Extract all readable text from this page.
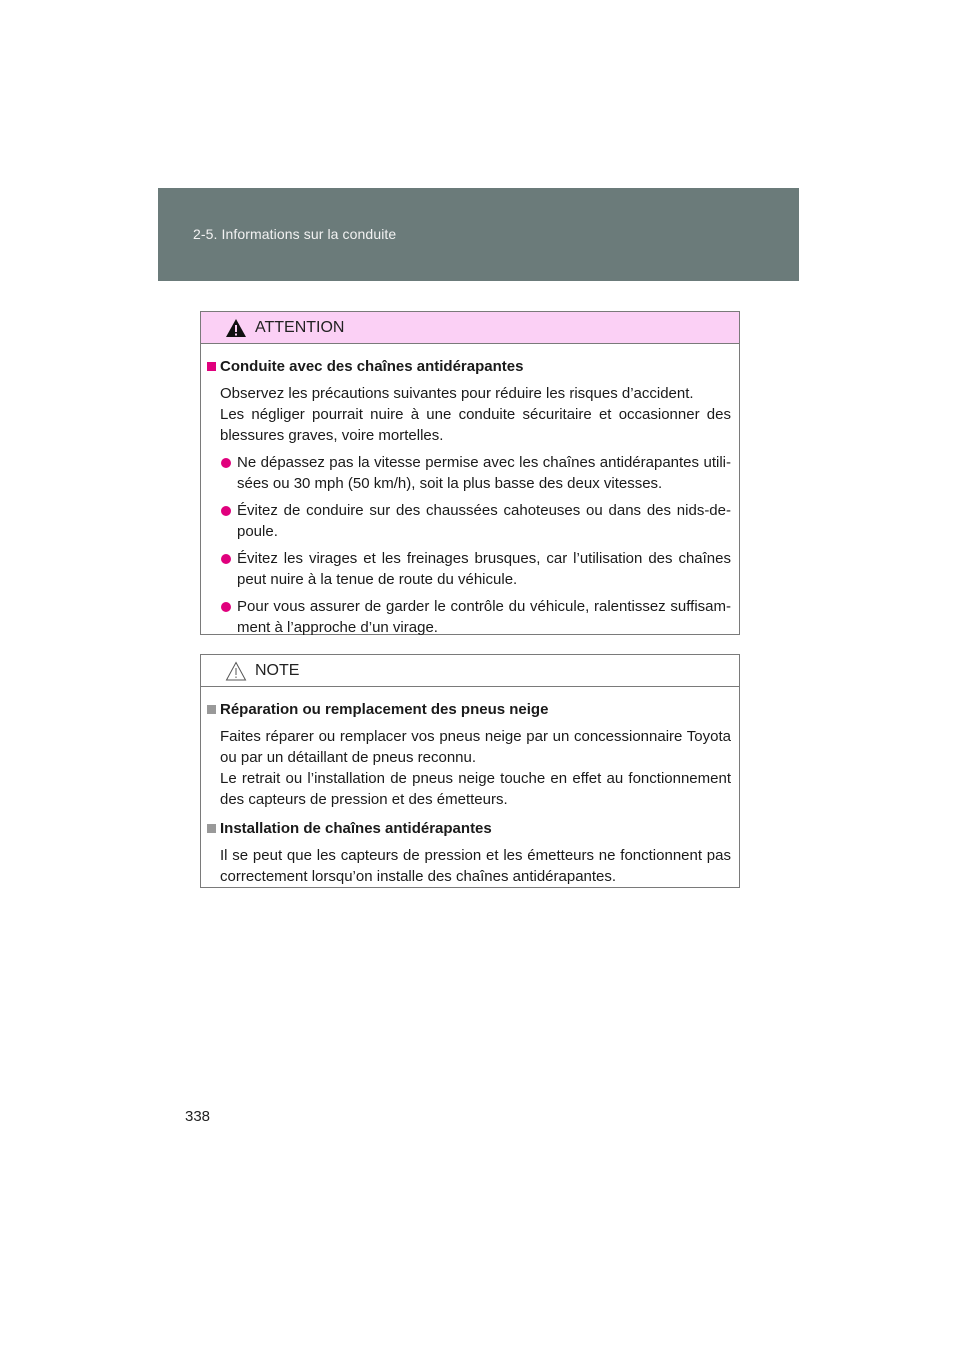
2-5. Informations sur la conduite
ATTENTION
Conduite avec des chaînes antidérapantes
Observez les précautions suivantes pour réduire les risques d’accident.
Les négliger pourrait nuire à une conduite sécuritaire et occasionner des blessures graves, voire mortelles.
Ne dépassez pas la vitesse permise avec les chaînes antidérapantes utili-sées ou 30 mph (50 km/h), soit la plus basse des deux vitesses.
Évitez de conduire sur des chaussées cahoteuses ou dans des nids-de-poule.
Évitez les virages et les freinages brusques, car l’utilisation des chaînes peut nuire à la tenue de route du véhicule.
Pour vous assurer de garder le contrôle du véhicule, ralentissez suffisam-ment à l’approche d’un virage.
NOTE
Réparation ou remplacement des pneus neige
Faites réparer ou remplacer vos pneus neige par un concessionnaire Toyota ou par un détaillant de pneus reconnu.
Le retrait ou l’installation de pneus neige touche en effet au fonctionnement des capteurs de pression et des émetteurs.
Installation de chaînes antidérapantes
Il se peut que les capteurs de pression et les émetteurs ne fonctionnent pas correctement lorsqu’on installe des chaînes antidérapantes.
338
